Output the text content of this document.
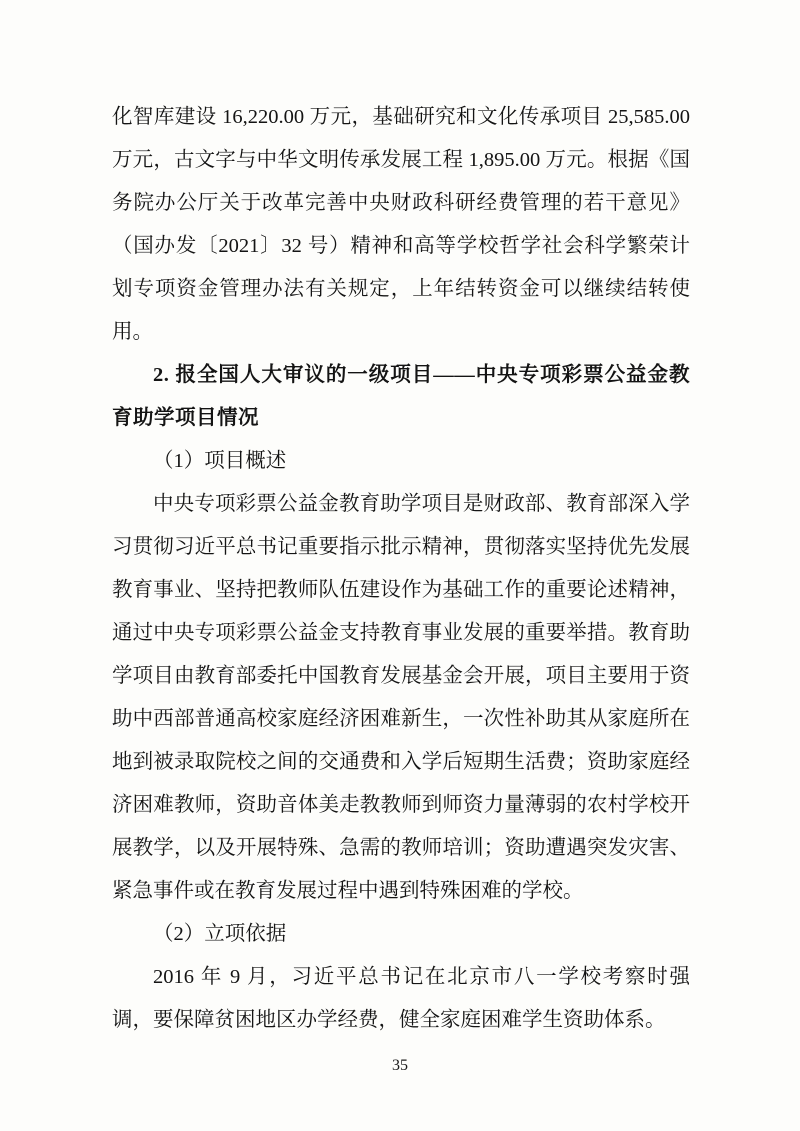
化智库建设 16,220.00 万元，基础研究和文化传承项目 25,585.00 万元，古文字与中华文明传承发展工程 1,895.00 万元。根据《国务院办公厅关于改革完善中央财政科研经费管理的若干意见》（国办发〔2021〕32 号）精神和高等学校哲学社会科学繁荣计划专项资金管理办法有关规定，上年结转资金可以继续结转使用。

2. 报全国人大审议的一级项目——中央专项彩票公益金教育助学项目情况

（1）项目概述

中央专项彩票公益金教育助学项目是财政部、教育部深入学习贯彻习近平总书记重要指示批示精神，贯彻落实坚持优先发展教育事业、坚持把教师队伍建设作为基础工作的重要论述精神，通过中央专项彩票公益金支持教育事业发展的重要举措。教育助学项目由教育部委托中国教育发展基金会开展，项目主要用于资助中西部普通高校家庭经济困难新生，一次性补助其从家庭所在地到被录取院校之间的交通费和入学后短期生活费；资助家庭经济困难教师，资助音体美走教教师到师资力量薄弱的农村学校开展教学，以及开展特殊、急需的教师培训；资助遭遇突发灾害、紧急事件或在教育发展过程中遇到特殊困难的学校。

（2）立项依据

2016 年 9 月，习近平总书记在北京市八一学校考察时强调，要保障贫困地区办学经费，健全家庭困难学生资助体系。

35
